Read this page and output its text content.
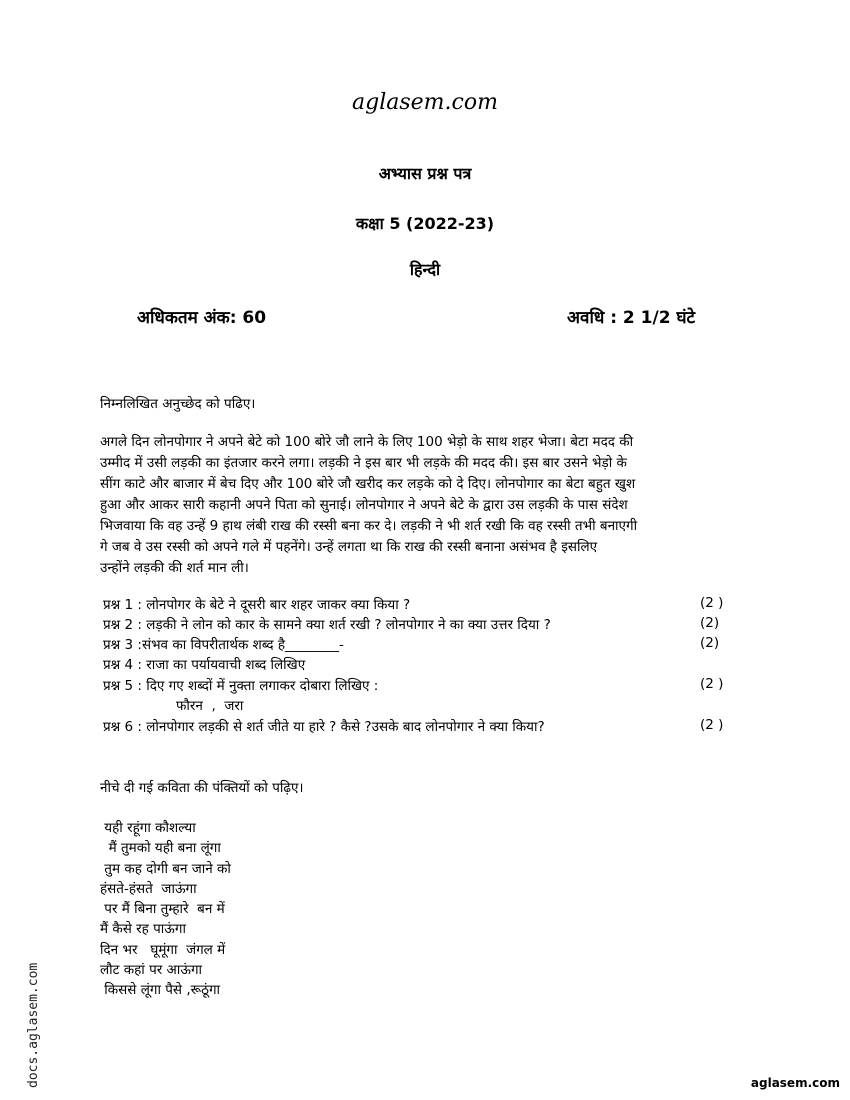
aglasem.com
अभ्यास प्रश्न पत्र
कक्षा 5 (2022-23)
हिन्दी
अधिकतम अंक: 60	अवधि : 2 1/2 घंटे
निम्नलिखित अनुच्छेद को पढिए।
अगले दिन लोनपोगार ने अपने बेटे को 100 बोरे जौ लाने के लिए 100 भेड़ो के साथ शहर भेजा। बेटा मदद की
उम्मीद में उसी लड़की का इंतजार करने लगा। लड़की ने इस बार भी लड़के की मदद की। इस बार उसने भेड़ो के
सींग काटे और बाजार में बेच दिए और 100 बोरे जौ खरीद कर लड़के को दे दिए। लोनपोगार का बेटा बहुत खुश
हुआ और आकर सारी कहानी अपने पिता को सुनाई। लोनपोगार ने अपने बेटे के द्वारा उस लड़की के पास संदेश
भिजवाया कि वह उन्हें 9 हाथ लंबी राख की रस्सी बना कर दे। लड़की ने भी शर्त रखी कि वह रस्सी तभी बनाएगी
गे जब वे उस रस्सी को अपने गले में पहनेंगे। उन्हें लगता था कि राख की रस्सी बनाना असंभव है इसलिए
उन्होंने लड़की की शर्त मान ली।
प्रश्न 1 : लोनपोगर के बेटे ने दूसरी बार शहर जाकर क्या किया ?	(2 )
प्रश्न 2 : लड़की ने लोन को कार के सामने क्या शर्त रखी ? लोनपोगार ने का क्या उत्तर दिया ?	(2)
प्रश्न 3 :संभव का विपरीतार्थक शब्द है________-	(2)
प्रश्न 4 : राजा का पर्यायवाची शब्द लिखिए
प्रश्न 5 : दिए गए शब्दों में नुक्ता लगाकर दोबारा लिखिए :	(2 )
फौरन  ,  जरा
प्रश्न 6 : लोनपोगार लड़की से शर्त जीते या हारे ? कैसे ?उसके बाद लोनपोगार ने क्या किया?	(2 )
नीचे दी गई कविता की पंक्तियों को पढ़िए।
यही रहूंगा कौशल्या
मैं तुमको यही बना लूंगा
तुम कह दोगी बन जाने को
हंसते-हंसते  जाऊंगा
पर मैं बिना तुम्हारे  बन में
मैं कैसे रह पाऊंगा
दिन भर   घूमूंगा  जंगल में
लौट कहां पर आऊंगा
किससे लूंगा पैसे ,रूठूंगा
docs.aglasem.com	aglasem.com
